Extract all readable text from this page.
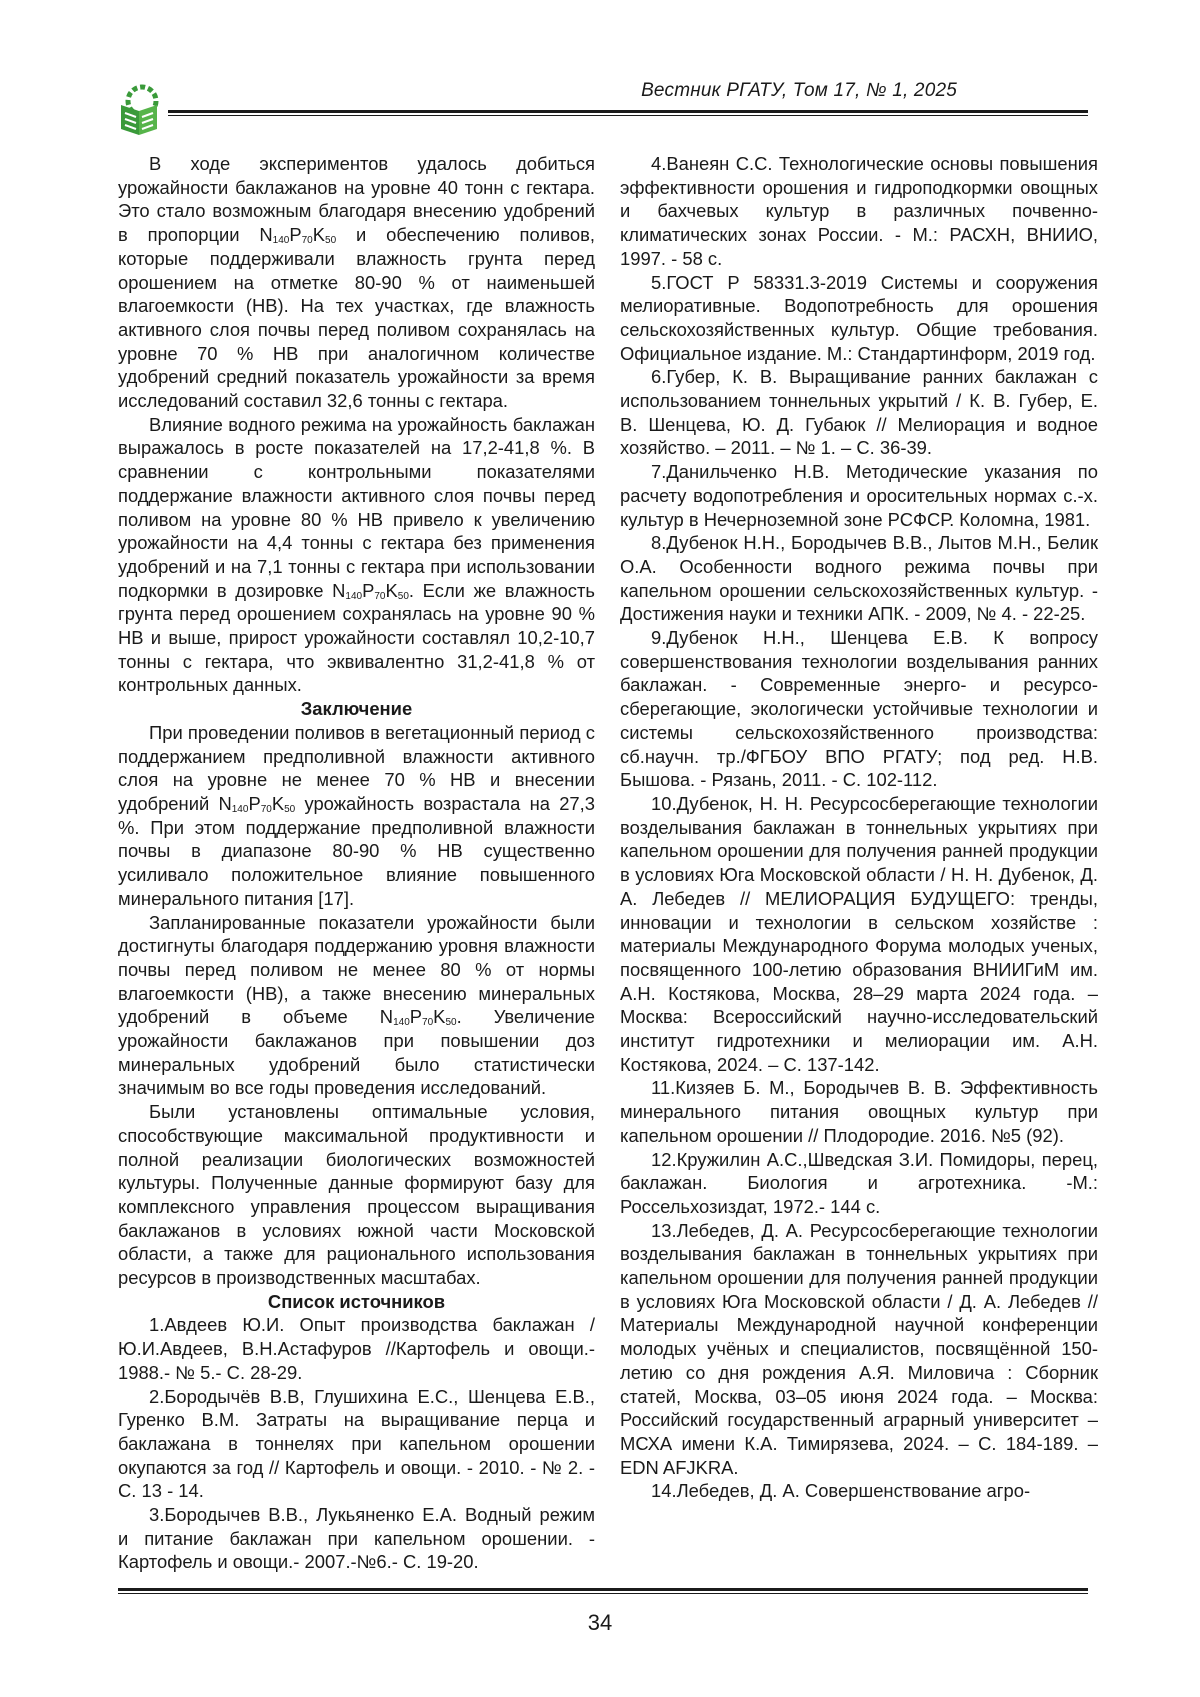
Вестник РГАТУ, Том 17, № 1, 2025

В ходе экспериментов удалось добиться урожайности баклажанов на уровне 40 тонн с гектара. Это стало возможным благодаря внесению удобрений в пропорции $N_{140}P_{70}K_{50}$ и обеспечению поливов, которые поддерживали влажность грунта перед орошением на отметке 80-90 % от наименьшей влагоемкости (НВ). На тех участках, где влажность активного слоя почвы перед поливом сохранялась на уровне 70 % НВ при аналогичном количестве удобрений средний показатель урожайности за время исследований составил 32,6 тонны с гектара.

Влияние водного режима на урожайность баклажан выражалось в росте показателей на 17,2-41,8 %. В сравнении с контрольными показателями поддержание влажности активного слоя почвы перед поливом на уровне 80 % НВ привело к увеличению урожайности на 4,4 тонны с гектара без применения удобрений и на 7,1 тонны с гектара при использовании подкормки в дозировке $N_{140}P_{70}K_{50}$. Если же влажность грунта перед орошением сохранялась на уровне 90 % НВ и выше, прирост урожайности составлял 10,2-10,7 тонны с гектара, что эквивалентно 31,2-41,8 % от контрольных данных.

Заключение

При проведении поливов в вегетационный период с поддержанием предполивной влажности активного слоя на уровне не менее 70 % НВ и внесении удобрений $N_{140}P_{70}K_{50}$ урожайность возрастала на 27,3 %. При этом поддержание предполивной влажности почвы в диапазоне 80-90 % НВ существенно усиливало положительное влияние повышенного минерального питания [17].

Запланированные показатели урожайности были достигнуты благодаря поддержанию уровня влажности почвы перед поливом не менее 80 % от нормы влагоемкости (НВ), а также внесению минеральных удобрений в объеме $N_{140}P_{70}K_{50}$. Увеличение урожайности баклажанов при повышении доз минеральных удобрений было статистически значимым во все годы проведения исследований.

Были установлены оптимальные условия, способствующие максимальной продуктивности и полной реализации биологических возможностей культуры. Полученные данные формируют базу для комплексного управления процессом выращивания баклажанов в условиях южной части Московской области, а также для рационального использования ресурсов в производственных масштабах.

Список источников

1.Авдеев Ю.И. Опыт производства баклажан / Ю.И.Авдеев, В.Н.Астафуров //Картофель и овощи.- 1988.- № 5.- С. 28-29.

2.Бородычёв В.В, Глушихина Е.С., Шенцева Е.В., Гуренко В.М. Затраты на выращивание перца и баклажана в тоннелях при капельном орошении окупаются за год // Картофель и овощи. - 2010. - № 2. - С. 13 - 14.

3.Бородычев В.В., Лукьяненко Е.А. Водный режим и питание баклажан при капельном орошении. - Картофель и овощи.- 2007.-№6.- С. 19-20.

4.Ванеян С.С. Технологические основы повышения эффективности орошения и гидроподкормки овощных и бахчевых культур в различных почвенно-климатических зонах России. - М.: РАСХН, ВНИИО, 1997. - 58 с.

5.ГОСТ Р 58331.3-2019 Системы и сооружения мелиоративные. Водопотребность для орошения сельскохозяйственных культур. Общие требования. Официальное издание. М.: Стандартинформ, 2019 год.

6.Губер, К. В. Выращивание ранних баклажан с использованием тоннельных укрытий / К. В. Губер, Е. В. Шенцева, Ю. Д. Губаюк // Мелиорация и водное хозяйство. – 2011. – № 1. – С. 36-39.

7.Данильченко Н.В. Методические указания по расчету водопотребления и оросительных нормах с.-х. культур в Нечерноземной зоне РСФСР. Коломна, 1981.

8.Дубенок Н.Н., Бородычев В.В., Лытов М.Н., Белик О.А. Особенности водного режима почвы при капельном орошении сельскохозяйственных культур. - Достижения науки и техники АПК. - 2009, № 4. - 22-25.

9.Дубенок Н.Н., Шенцева Е.В. К вопросу совершенствования технологии возделывания ранних баклажан. - Современные энерго- и ресурсо-сберегающие, экологически устойчивые технологии и системы сельскохозяйственного производства: сб.научн. тр./ФГБОУ ВПО РГАТУ; под ред. Н.В. Бышова. - Рязань, 2011. - С. 102-112.

10.Дубенок, Н. Н. Ресурсосберегающие технологии возделывания баклажан в тоннельных укрытиях при капельном орошении для получения ранней продукции в условиях Юга Московской области / Н. Н. Дубенок, Д. А. Лебедев // МЕЛИОРАЦИЯ БУДУЩЕГО: тренды, инновации и технологии в сельском хозяйстве : материалы Международного Форума молодых ученых, посвященного 100-летию образования ВНИИГиМ им. А.Н. Костякова, Москва, 28–29 марта 2024 года. – Москва: Всероссийский научно-исследовательский институт гидротехники и мелиорации им. А.Н. Костякова, 2024. – С. 137-142.

11.Кизяев Б. М., Бородычев В. В. Эффективность минерального питания овощных культур при капельном орошении // Плодородие. 2016. №5 (92).

12.Кружилин А.С.,Шведская З.И. Помидоры, перец, баклажан. Биология и агротехника. -М.: Россельхозиздат, 1972.- 144 с.

13.Лебедев, Д. А. Ресурсосберегающие технологии возделывания баклажан в тоннельных укрытиях при капельном орошении для получения ранней продукции в условиях Юга Московской области / Д. А. Лебедев // Материалы Международной научной конференции молодых учёных и специалистов, посвящённой 150-летию со дня рождения А.Я. Миловича : Сборник статей, Москва, 03–05 июня 2024 года. – Москва: Российский государственный аграрный университет – МСХА имени К.А. Тимирязева, 2024. – С. 184-189. – EDN AFJKRA.

14.Лебедев, Д. А. Совершенствование агро-

34
